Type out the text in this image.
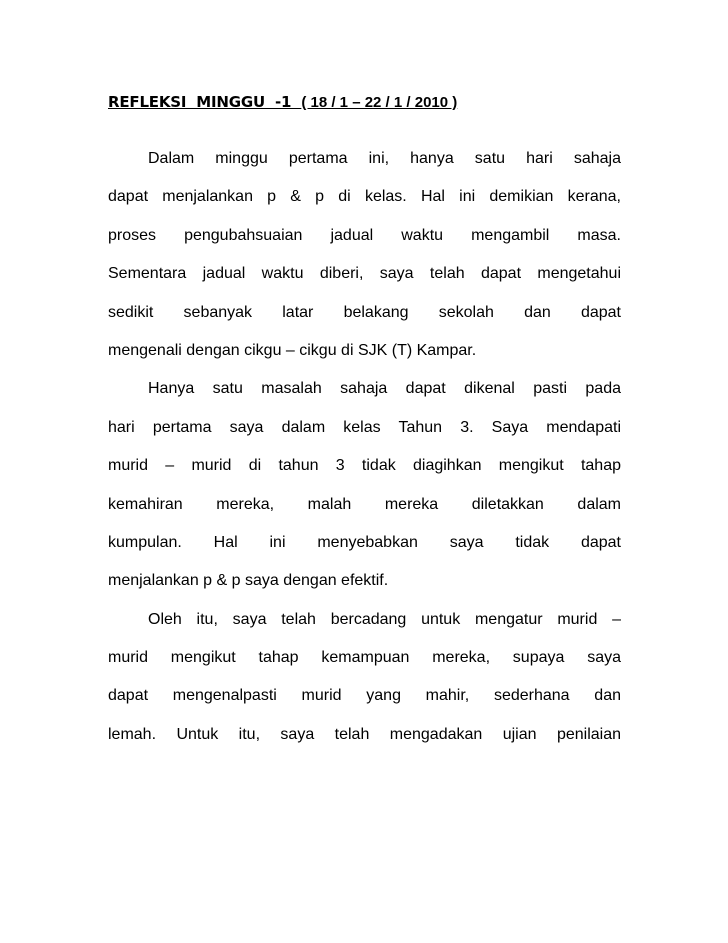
REFLEKSI  MINGGU  -1  ( 18 / 1 – 22 / 1 / 2010 )
Dalam minggu pertama ini, hanya satu hari sahaja
dapat menjalankan p & p di kelas. Hal ini demikian kerana,
proses pengubahsuaian jadual waktu mengambil masa.
Sementara jadual waktu diberi, saya telah dapat mengetahui
sedikit sebanyak latar belakang sekolah dan dapat
mengenali dengan cikgu – cikgu di SJK (T) Kampar.
Hanya satu masalah sahaja dapat dikenal pasti pada
hari pertama saya dalam kelas Tahun 3. Saya mendapati
murid – murid di tahun 3 tidak diagihkan mengikut tahap
kemahiran mereka, malah mereka diletakkan dalam
kumpulan. Hal ini menyebabkan saya tidak dapat
menjalankan p & p saya dengan efektif.
Oleh itu, saya telah bercadang untuk mengatur murid –
murid mengikut tahap kemampuan mereka, supaya saya
dapat mengenalpasti murid yang mahir, sederhana dan
lemah. Untuk itu, saya telah mengadakan ujian penilaian
